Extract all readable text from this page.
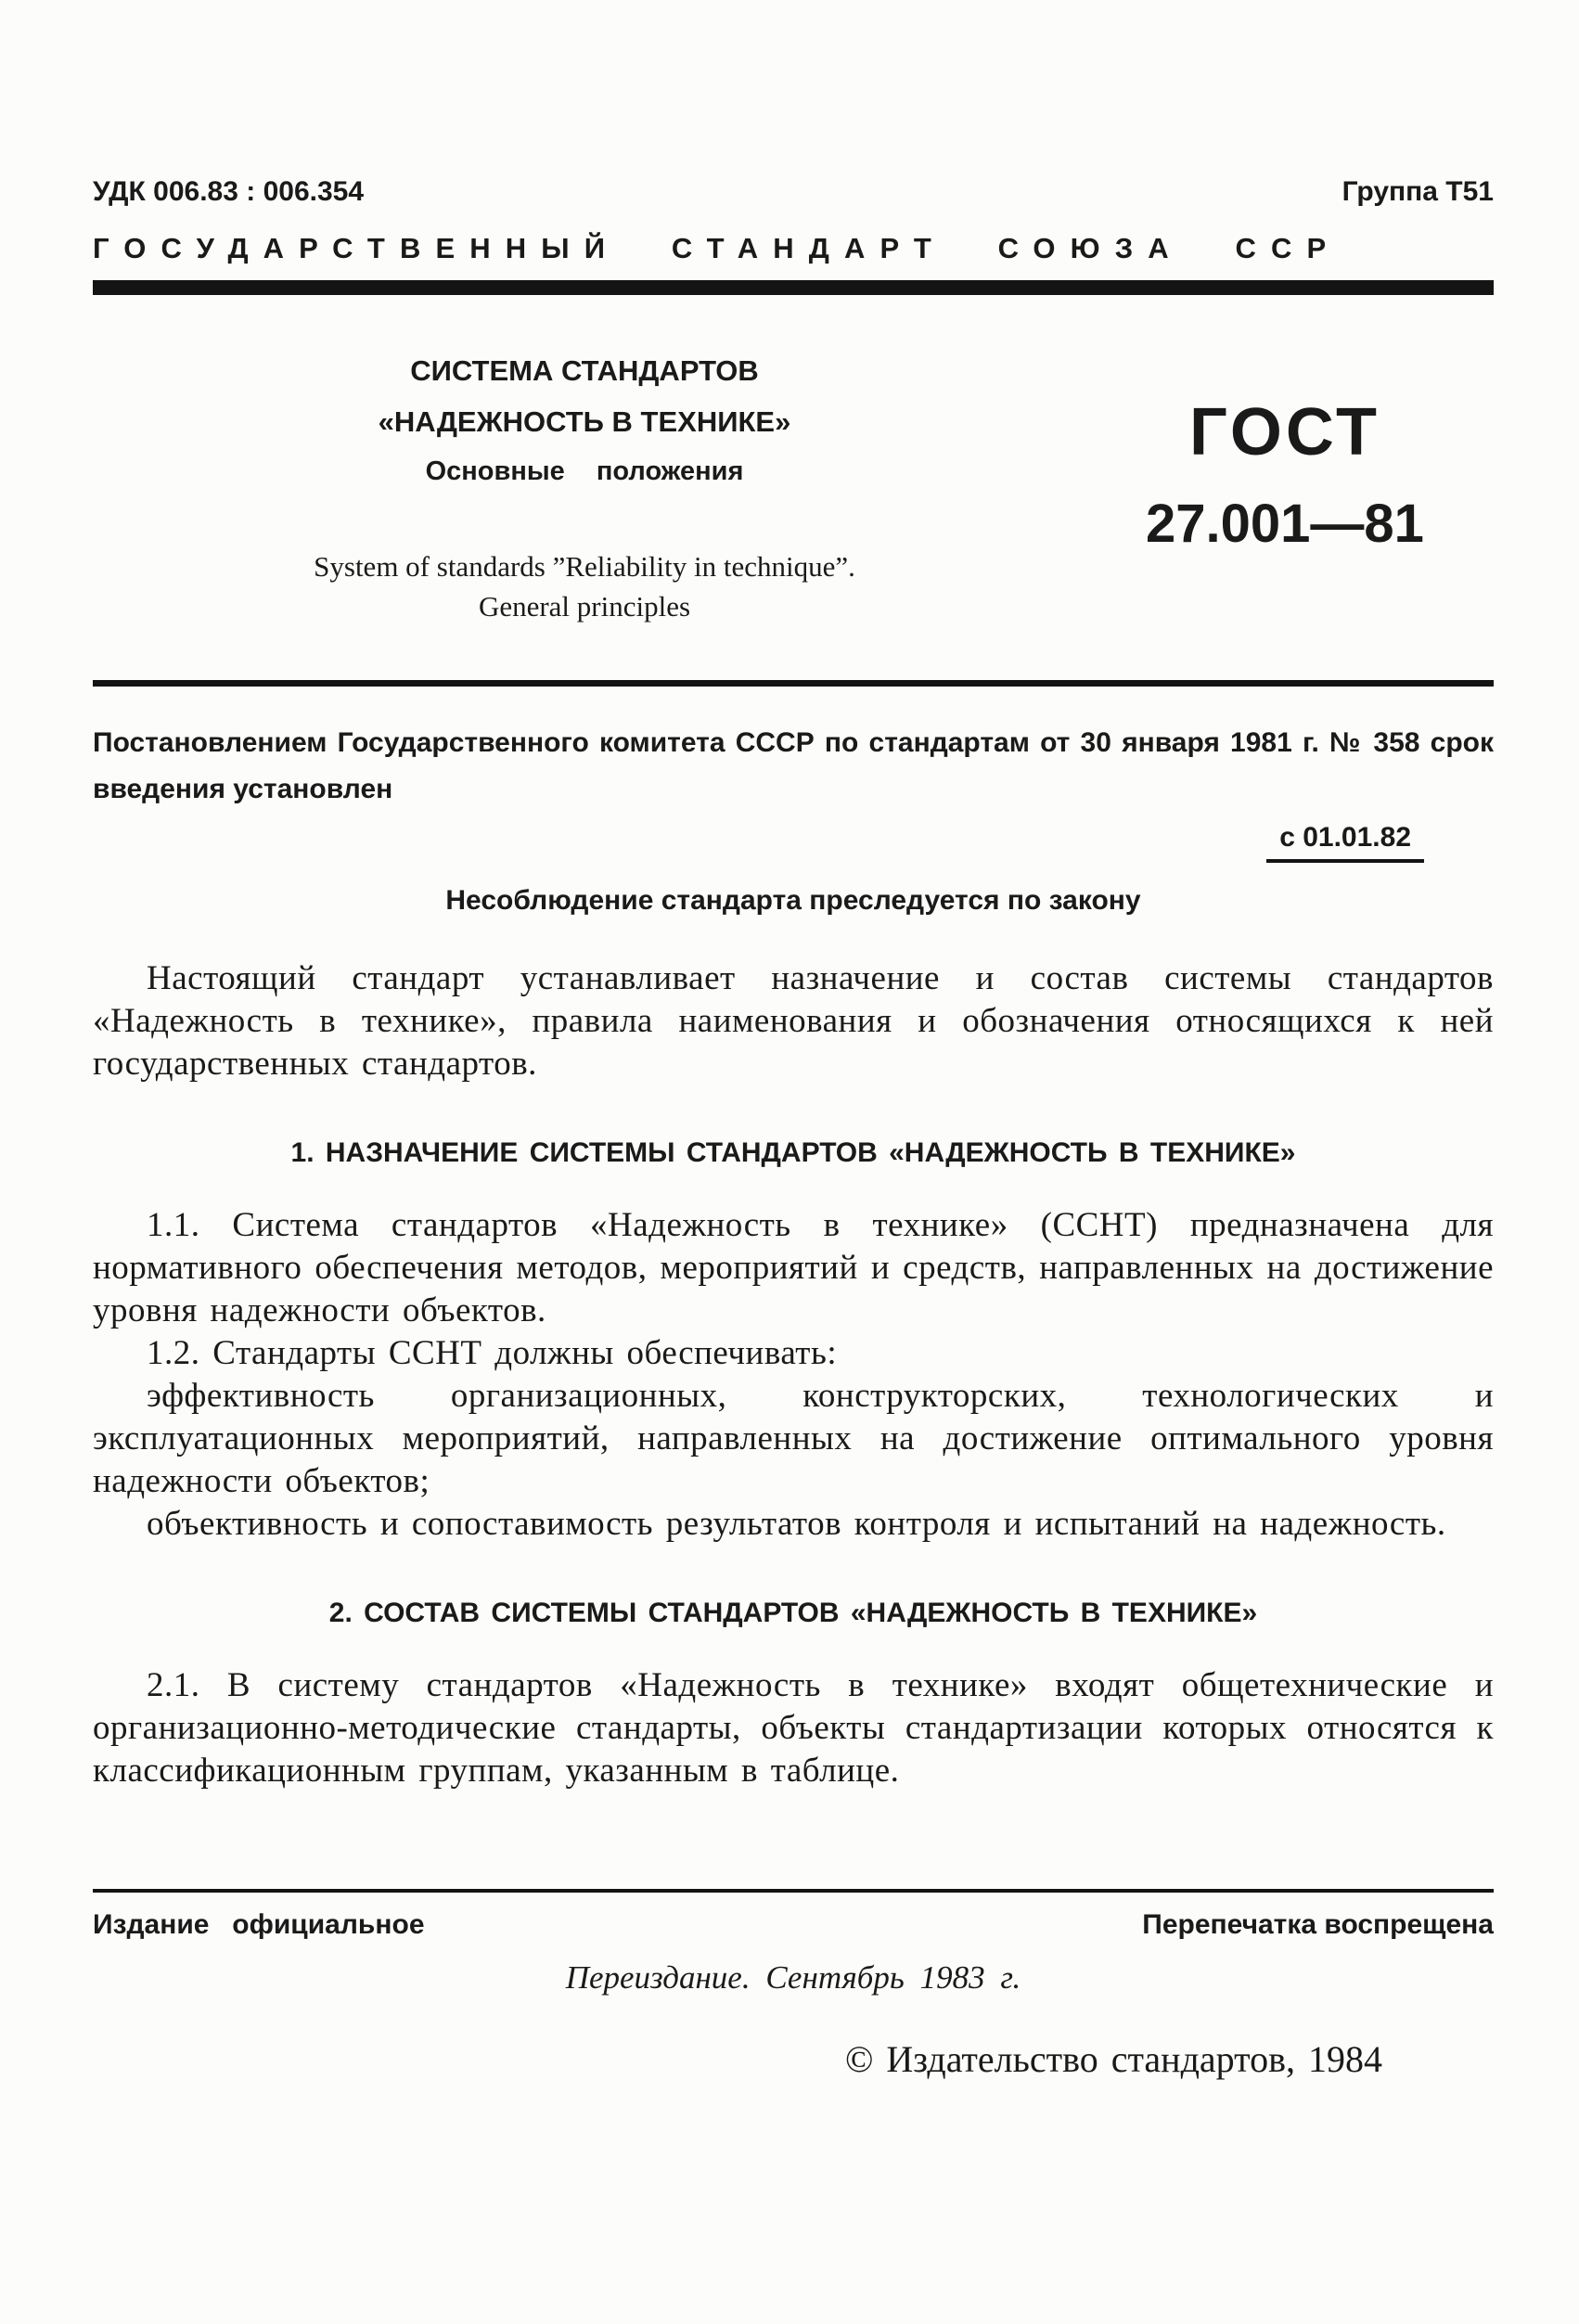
УДК 006.83 : 006.354	Группа Т51
ГОСУДАРСТВЕННЫЙ СТАНДАРТ СОЮЗА ССР

СИСТЕМА СТАНДАРТОВ

«НАДЕЖНОСТЬ В ТЕХНИКЕ»

Основные положения

System of standards ”Reliability in technique”.

General principles

ГОСТ
27.001—81

Постановлением Государственного комитета СССР по стандартам от 30 января 1981 г. № 358 срок введения установлен

с 01.01.82
Несоблюдение стандарта преследуется по закону

Настоящий стандарт устанавливает назначение и состав системы стандартов «Надежность в технике», правила наименования и обозначения относящихся к ней государственных стандартов.

1. НАЗНАЧЕНИЕ СИСТЕМЫ СТАНДАРТОВ «НАДЕЖНОСТЬ В ТЕХНИКЕ»

1.1. Система стандартов «Надежность в технике» (ССНТ) предназначена для нормативного обеспечения методов, мероприятий и средств, направленных на достижение уровня надежности объектов.

1.2. Стандарты ССНТ должны обеспечивать:

эффективность организационных, конструкторских, технологических и эксплуатационных мероприятий, направленных на достижение оптимального уровня надежности объектов;

объективность и сопоставимость результатов контроля и испытаний на надежность.

2. СОСТАВ СИСТЕМЫ СТАНДАРТОВ «НАДЕЖНОСТЬ В ТЕХНИКЕ»

2.1. В систему стандартов «Надежность в технике» входят общетехнические и организационно-методические стандарты, объекты стандартизации которых относятся к классификационным группам, указанным в таблице.

Издание официальное	Перепечатка воспрещена
Переиздание. Сентябрь 1983 г.
© Издательство стандартов, 1984
